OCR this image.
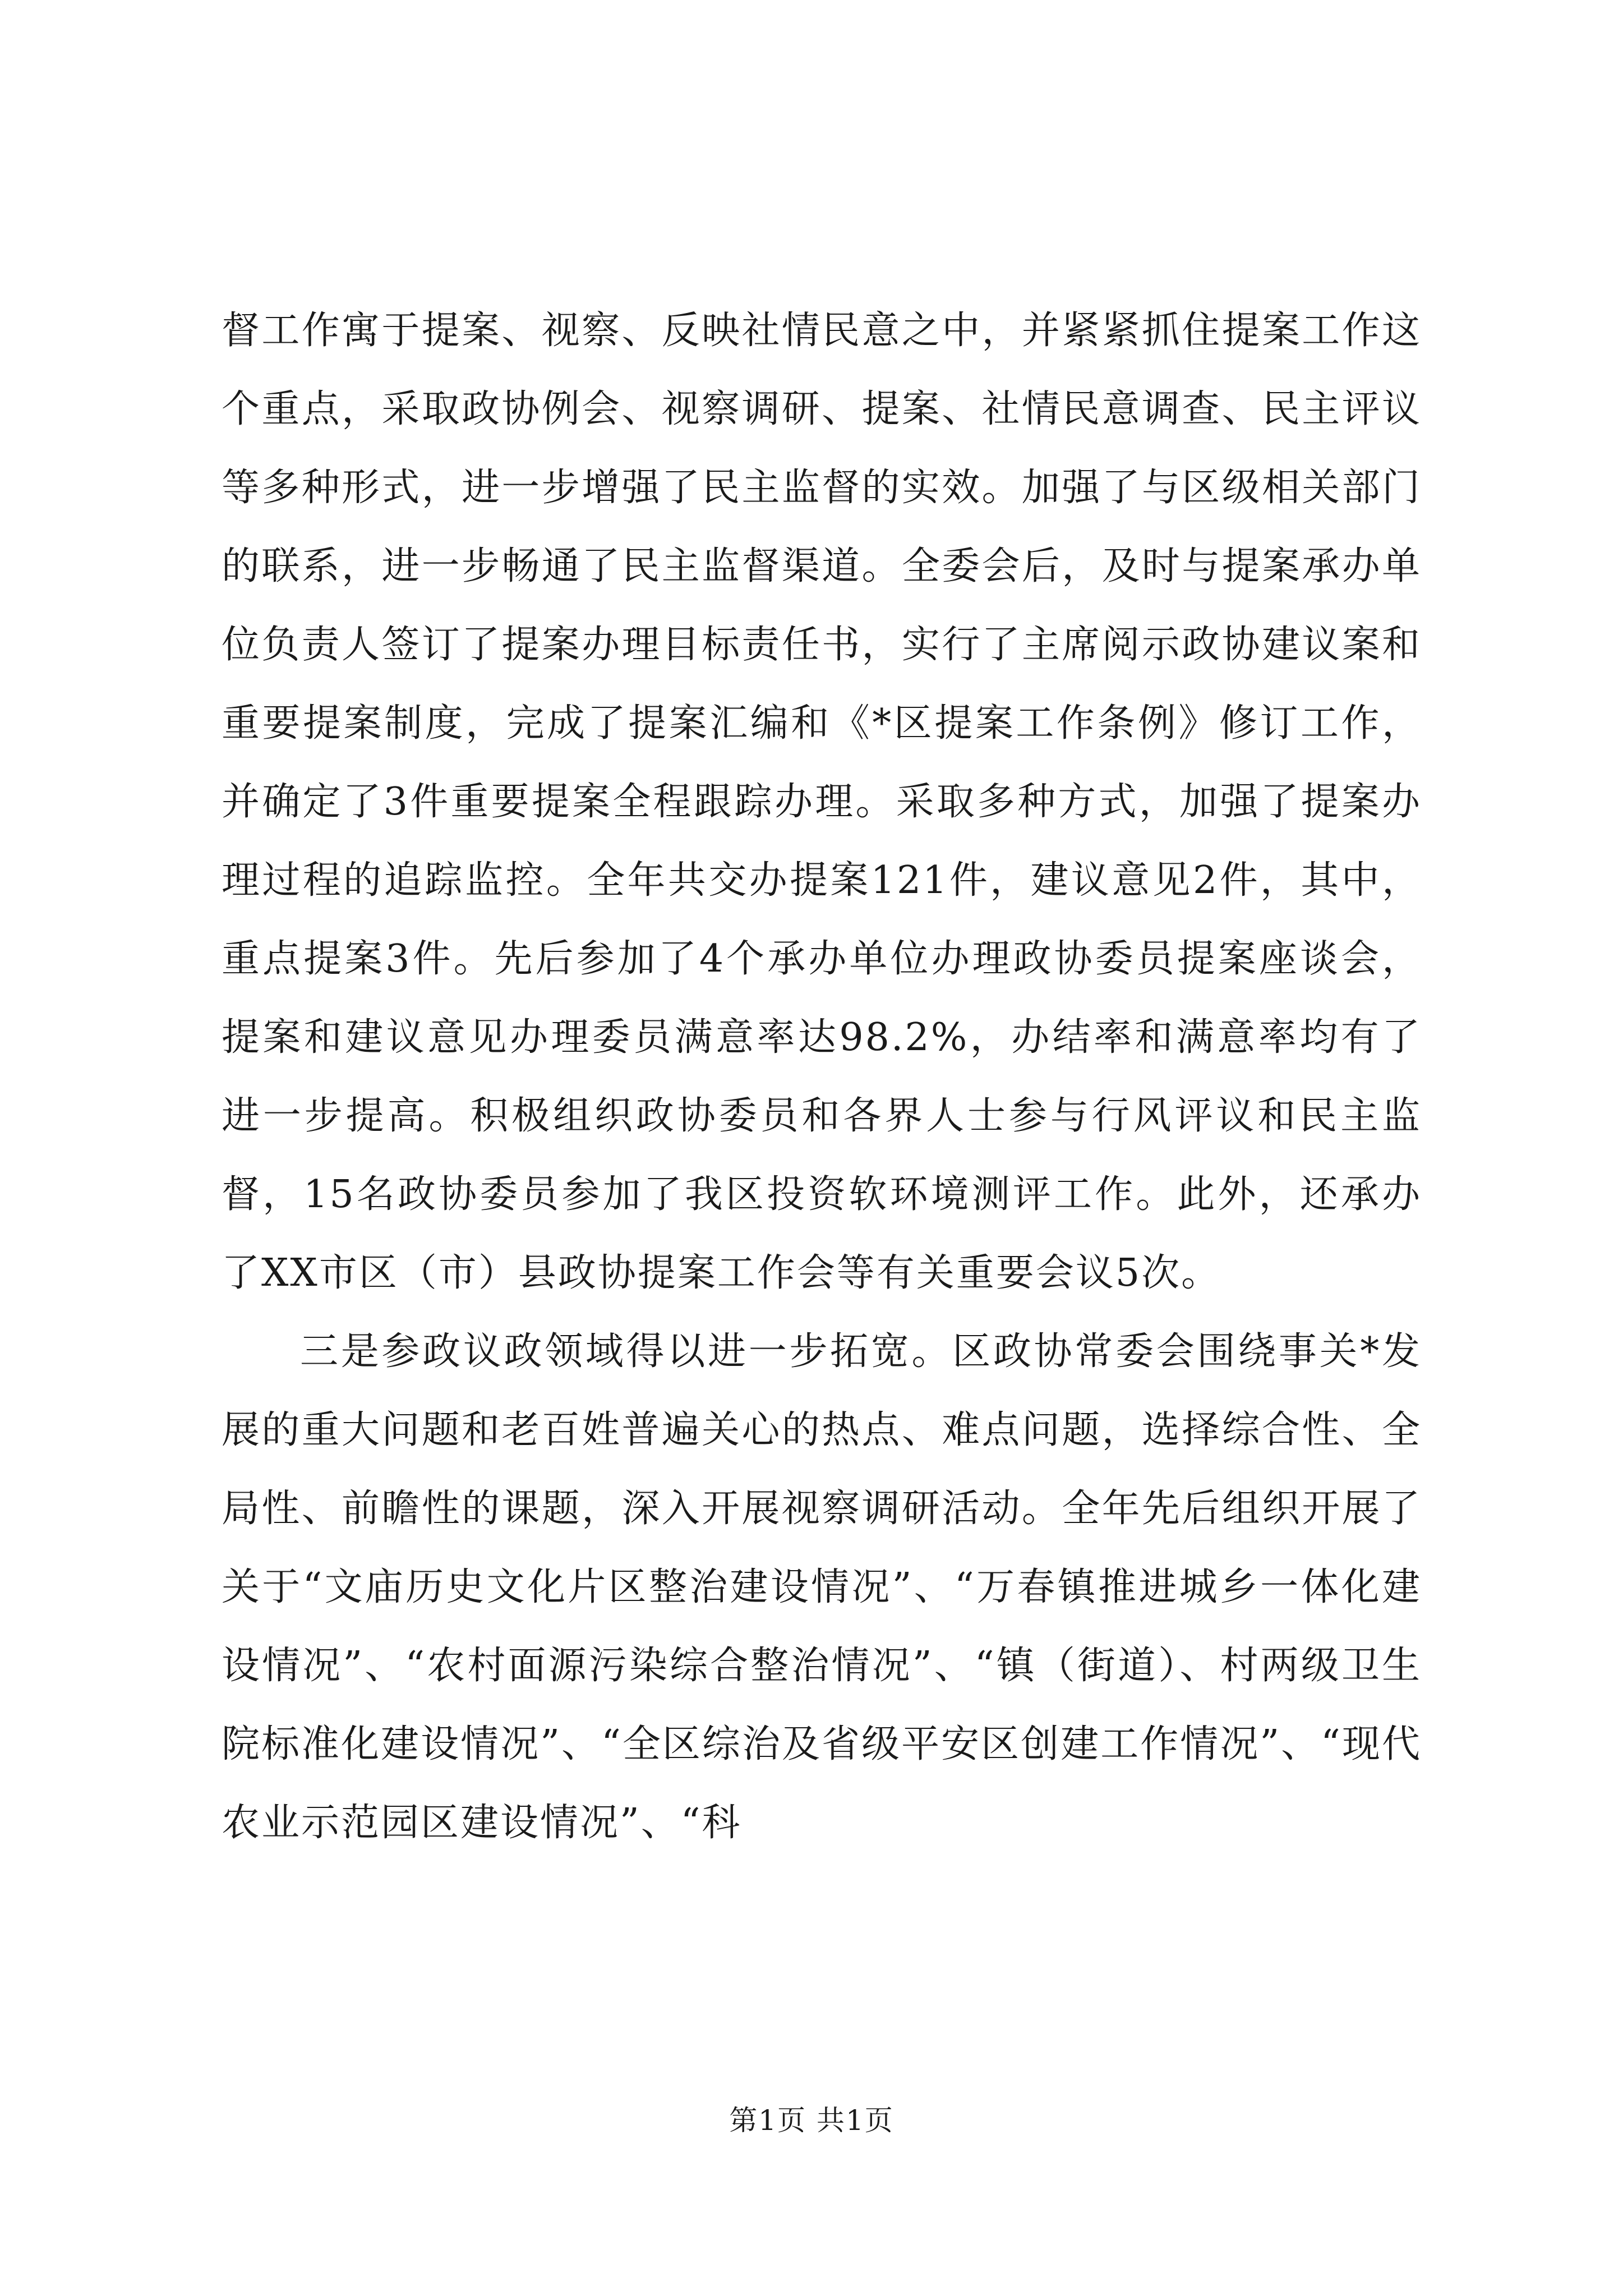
督工作寓于提案、视察、反映社情民意之中，并紧紧抓住提案工作这个重点，采取政协例会、视察调研、提案、社情民意调查、民主评议等多种形式，进一步增强了民主监督的实效。加强了与区级相关部门的联系，进一步畅通了民主监督渠道。全委会后，及时与提案承办单位负责人签订了提案办理目标责任书，实行了主席阅示政协建议案和重要提案制度，完成了提案汇编和《*区提案工作条例》修订工作，并确定了3件重要提案全程跟踪办理。采取多种方式，加强了提案办理过程的追踪监控。全年共交办提案121件，建议意见2件，其中，重点提案3件。先后参加了4个承办单位办理政协委员提案座谈会，提案和建议意见办理委员满意率达98.2%，办结率和满意率均有了进一步提高。积极组织政协委员和各界人士参与行风评议和民主监督，15名政协委员参加了我区投资软环境测评工作。此外，还承办了XX市区（市）县政协提案工作会等有关重要会议5次。

三是参政议政领域得以进一步拓宽。区政协常委会围绕事关*发展的重大问题和老百姓普遍关心的热点、难点问题，选择综合性、全局性、前瞻性的课题，深入开展视察调研活动。全年先后组织开展了关于“文庙历史文化片区整治建设情况”、“万春镇推进城乡一体化建设情况”、“农村面源污染综合整治情况”、“镇（街道）、村两级卫生院标准化建设情况”、“全区综治及省级平安区创建工作情况”、“现代农业示范园区建设情况”、“科

第1页 共1页
